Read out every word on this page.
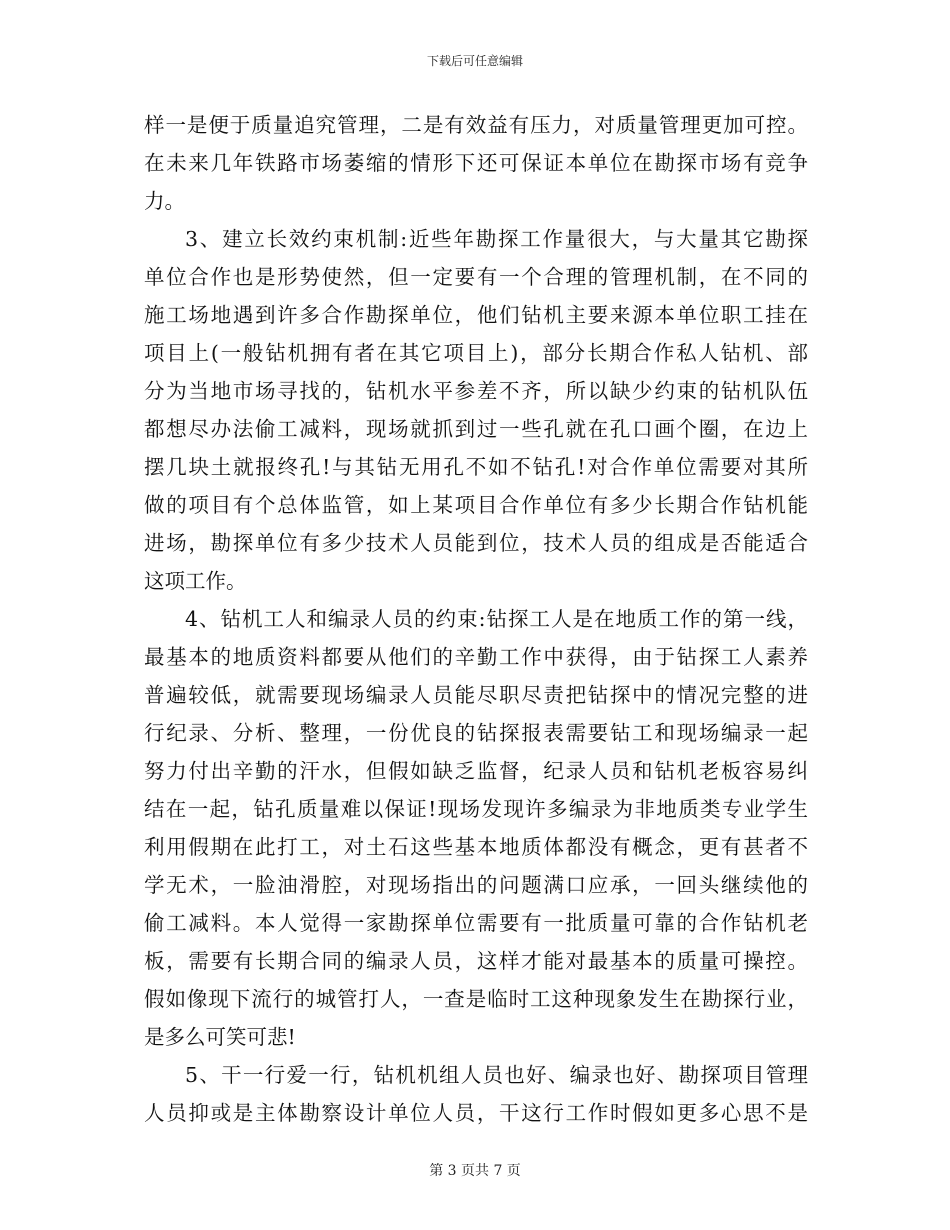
下载后可任意编辑
样一是便于质量追究管理，二是有效益有压力，对质量管理更加可控。
在未来几年铁路市场萎缩的情形下还可保证本单位在勘探市场有竞争
力。
3、建立长效约束机制:近些年勘探工作量很大，与大量其它勘探
单位合作也是形势使然，但一定要有一个合理的管理机制，在不同的
施工场地遇到许多合作勘探单位，他们钻机主要来源本单位职工挂在
项目上(一般钻机拥有者在其它项目上)，部分长期合作私人钻机、部
分为当地市场寻找的，钻机水平参差不齐，所以缺少约束的钻机队伍
都想尽办法偷工减料，现场就抓到过一些孔就在孔口画个圈，在边上
摆几块土就报终孔!与其钻无用孔不如不钻孔!对合作单位需要对其所
做的项目有个总体监管，如上某项目合作单位有多少长期合作钻机能
进场，勘探单位有多少技术人员能到位，技术人员的组成是否能适合
这项工作。
4、钻机工人和编录人员的约束:钻探工人是在地质工作的第一线，
最基本的地质资料都要从他们的辛勤工作中获得，由于钻探工人素养
普遍较低，就需要现场编录人员能尽职尽责把钻探中的情况完整的进
行纪录、分析、整理，一份优良的钻探报表需要钻工和现场编录一起
努力付出辛勤的汗水，但假如缺乏监督，纪录人员和钻机老板容易纠
结在一起，钻孔质量难以保证!现场发现许多编录为非地质类专业学生
利用假期在此打工，对土石这些基本地质体都没有概念，更有甚者不
学无术，一脸油滑腔，对现场指出的问题满口应承，一回头继续他的
偷工减料。本人觉得一家勘探单位需要有一批质量可靠的合作钻机老
板，需要有长期合同的编录人员，这样才能对最基本的质量可操控。
假如像现下流行的城管打人，一查是临时工这种现象发生在勘探行业，
是多么可笑可悲!
5、干一行爱一行，钻机机组人员也好、编录也好、勘探项目管理
人员抑或是主体勘察设计单位人员，干这行工作时假如更多心思不是
第 3 页共 7 页
